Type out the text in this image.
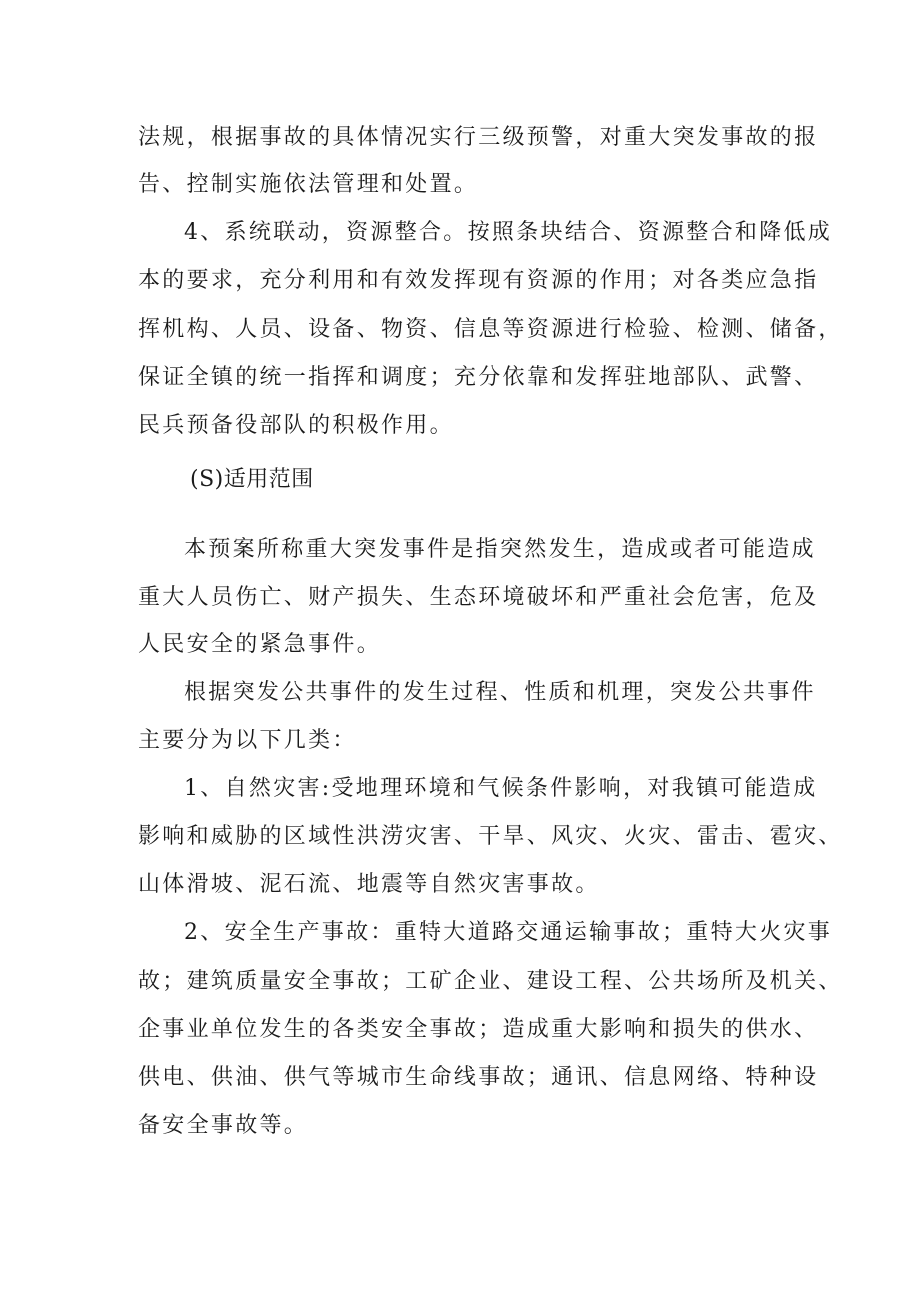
法规，根据事故的具体情况实行三级预警，对重大突发事故的报
告、控制实施依法管理和处置。
4、系统联动，资源整合。按照条块结合、资源整合和降低成
本的要求，充分利用和有效发挥现有资源的作用；对各类应急指
挥机构、人员、设备、物资、信息等资源进行检验、检测、储备，
保证全镇的统一指挥和调度；充分依靠和发挥驻地部队、武警、
民兵预备役部队的积极作用。
(S)适用范围
本预案所称重大突发事件是指突然发生，造成或者可能造成
重大人员伤亡、财产损失、生态环境破坏和严重社会危害，危及
人民安全的紧急事件。
根据突发公共事件的发生过程、性质和机理，突发公共事件
主要分为以下几类：
1、自然灾害:受地理环境和气候条件影响，对我镇可能造成
影响和威胁的区域性洪涝灾害、干旱、风灾、火灾、雷击、雹灾、
山体滑坡、泥石流、地震等自然灾害事故。
2、安全生产事故：重特大道路交通运输事故；重特大火灾事
故；建筑质量安全事故；工矿企业、建设工程、公共场所及机关、
企事业单位发生的各类安全事故；造成重大影响和损失的供水、
供电、供油、供气等城市生命线事故；通讯、信息网络、特种设
备安全事故等。
